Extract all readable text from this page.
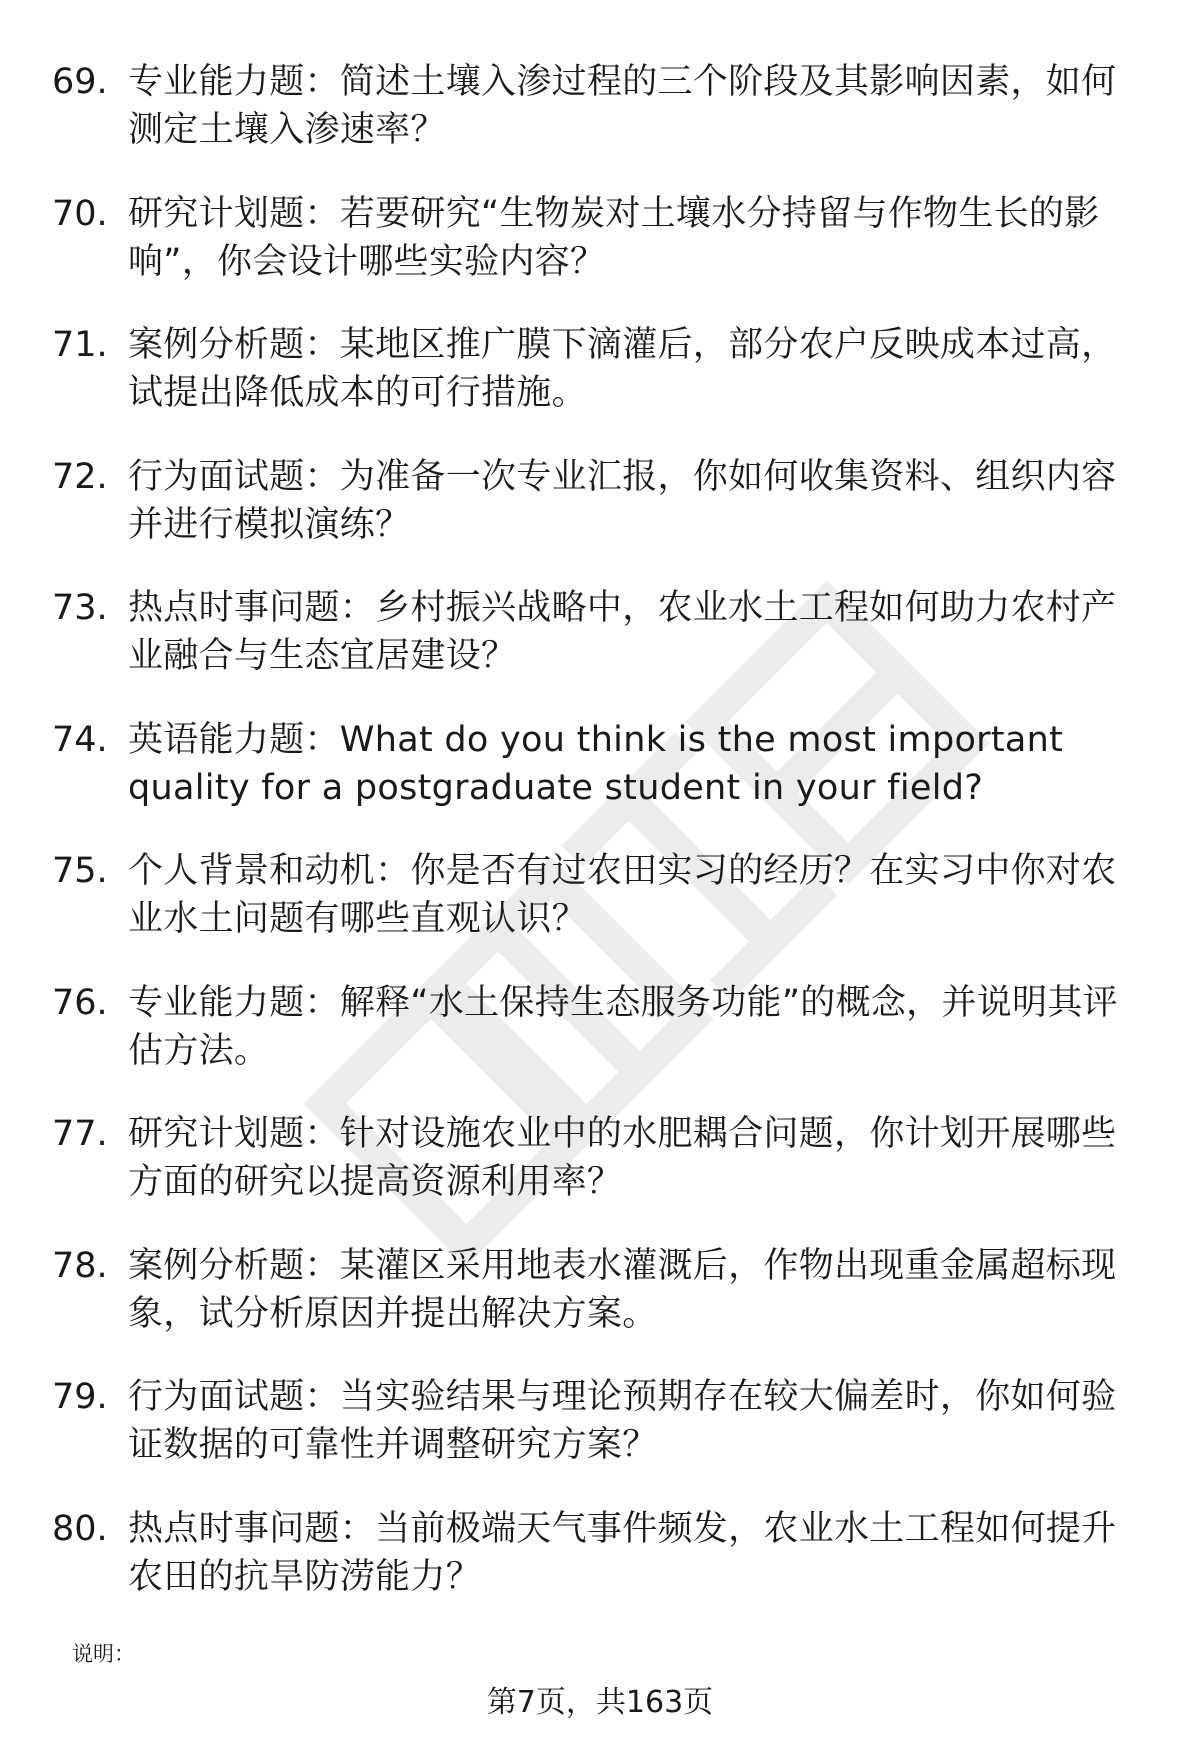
69. 专业能力题：简述土壤入渗过程的三个阶段及其影响因素，如何测定土壤入渗速率？
70. 研究计划题：若要研究“生物炭对土壤水分持留与作物生长的影响”，你会设计哪些实验内容？
71. 案例分析题：某地区推广膜下滴灌后，部分农户反映成本过高，试提出降低成本的可行措施。
72. 行为面试题：为准备一次专业汇报，你如何收集资料、组织内容并进行模拟演练？
73. 热点时事问题：乡村振兴战略中，农业水土工程如何助力农村产业融合与生态宜居建设？
74. 英语能力题：What do you think is the most important quality for a postgraduate student in your field?
75. 个人背景和动机：你是否有过农田实习的经历？在实习中你对农业水土问题有哪些直观认识？
76. 专业能力题：解释“水土保持生态服务功能”的概念，并说明其评估方法。
77. 研究计划题：针对设施农业中的水肥耦合问题，你计划开展哪些方面的研究以提高资源利用率？
78. 案例分析题：某灌区采用地表水灌溉后，作物出现重金属超标现象，试分析原因并提出解决方案。
79. 行为面试题：当实验结果与理论预期存在较大偏差时，你如何验证数据的可靠性并调整研究方案？
80. 热点时事问题：当前极端天气事件频发，农业水土工程如何提升农田的抗旱防涝能力？
说明：
第7页，共163页
